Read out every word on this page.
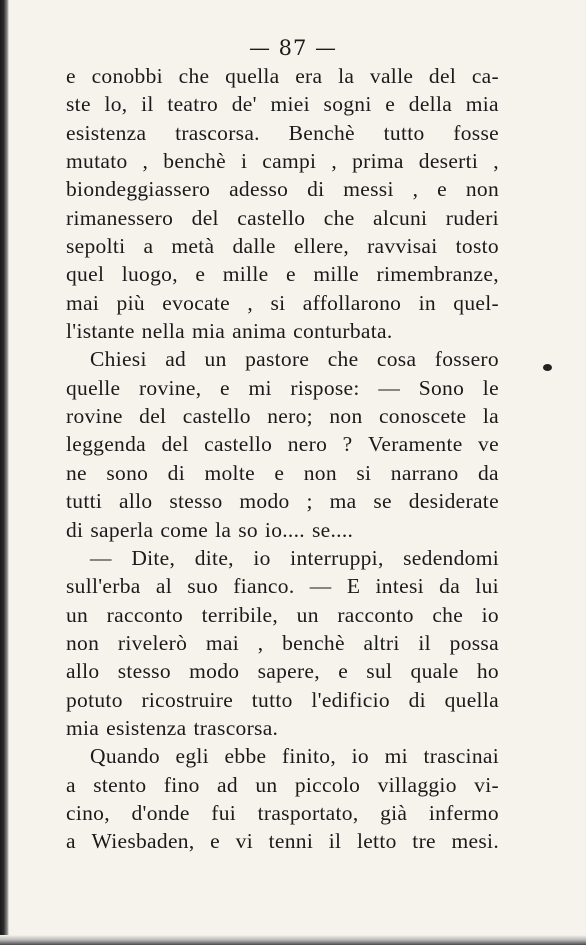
— 87 —
e conobbi che quella era la valle del ca-
ste lo, il teatro de' miei sogni e della mia
esistenza trascorsa. Benchè tutto fosse
mutato , benchè i campi , prima deserti ,
biondeggiassero adesso di messi , e non
rimanessero del castello che alcuni ruderi
sepolti a metà dalle ellere, ravvisai tosto
quel luogo, e mille e mille rimembranze,
mai più evocate , si affollarono in quel-
l'istante nella mia anima conturbata.
Chiesi ad un pastore che cosa fossero
quelle rovine, e mi rispose: — Sono le
rovine del castello nero; non conoscete la
leggenda del castello nero ? Veramente ve
ne sono di molte e non si narrano da
tutti allo stesso modo ; ma se desiderate
di saperla come la so io.... se....
— Dite, dite, io interruppi, sedendomi
sull'erba al suo fianco. — E intesi da lui
un racconto terribile, un racconto che io
non rivelerò mai , benchè altri il possa
allo stesso modo sapere, e sul quale ho
potuto ricostruire tutto l'edificio di quella
mia esistenza trascorsa.
Quando egli ebbe finito, io mi trascinai
a stento fino ad un piccolo villaggio vi-
cino, d'onde fui trasportato, già infermo
a Wiesbaden, e vi tenni il letto tre mesi.
